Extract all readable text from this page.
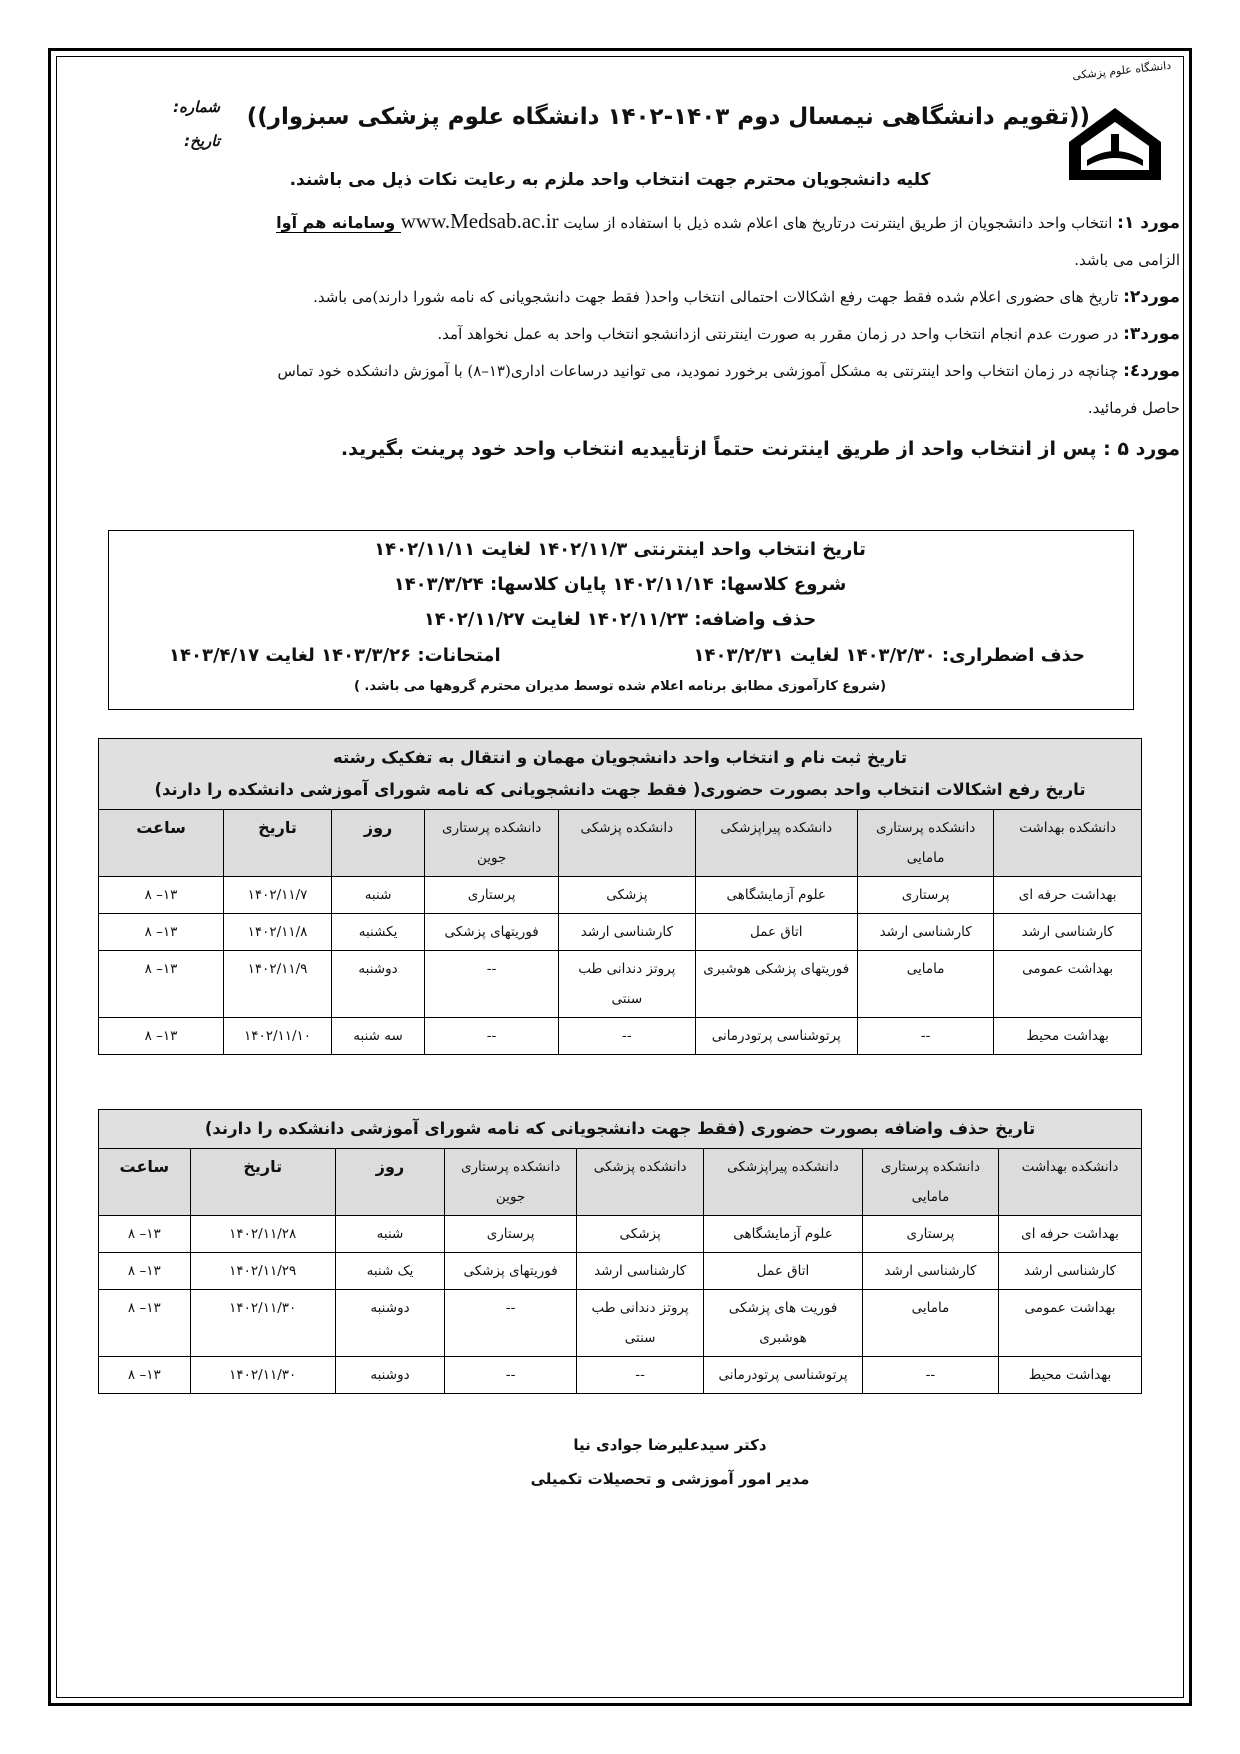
دانشگاه علوم پزشکی
شماره:
تاریخ:
((تقویم دانشگاهی نیمسال دوم ۱۴۰۳-۱۴۰۲ دانشگاه علوم پزشکی سبزوار))
کلیه دانشجویان محترم جهت انتخاب واحد ملزم به رعایت نکات ذیل می باشند.

مورد ۱: انتخاب واحد دانشجویان از طریق اینترنت درتاریخ های اعلام شده ذیل با استفاده از سایت www.Medsab.ac.ir وسامانه هم آوا

الزامی می باشد.

مورد۲: تاریخ های حضوری اعلام شده فقط جهت رفع اشکالات احتمالی انتخاب واحد( فقط جهت دانشجویانی که نامه شورا دارند)می باشد.

مورد۳: در صورت عدم انجام انتخاب واحد در زمان مقرر به صورت اینترنتی ازدانشجو انتخاب واحد به عمل نخواهد آمد.

مورد٤: چنانچه در زمان انتخاب واحد اینترنتی به مشکل آموزشی برخورد نمودید، می توانید درساعات اداری(۱۳–۸) با آموزش دانشکده خود تماس

حاصل فرمائید.

مورد ۵ : پس از انتخاب واحد از طریق اینترنت حتماً ازتأییدیه انتخاب واحد خود پرینت بگیرید.

تاریخ انتخاب واحد اینترنتی ۱۴۰۲/۱۱/۳ لغایت ۱۴۰۲/۱۱/۱۱
شروع کلاسها: ۱۴۰۲/۱۱/۱۴ پایان کلاسها: ۱۴۰۳/۳/۲۴
حذف واضافه: ۱۴۰۲/۱۱/۲۳ لغایت ۱۴۰۲/۱۱/۲۷
حذف اضطراری: ۱۴۰۳/۲/۳۰ لغایت ۱۴۰۳/۲/۳۱
امتحانات: ۱۴۰۳/۳/۲۶ لغایت ۱۴۰۳/۴/۱۷
(شروع کارآموزی مطابق برنامه اعلام شده توسط مدیران محترم گروهها می باشد. )
تاریخ ثبت نام و انتخاب واحد دانشجویان مهمان و انتقال به تفکیک رشته
تاریخ رفع اشکالات انتخاب واحد بصورت حضوری( فقط جهت دانشجویانی که نامه شورای آموزشی دانشکده را دارند)							

دانشکده بهداشت	دانشکده پرستاری مامایی	دانشکده پیراپزشکی	دانشکده پزشکی	دانشکده پرستاری جوین	روز	تاریخ	ساعت
بهداشت حرفه ای	پرستاری	علوم آزمایشگاهی	پزشکی	پرستاری	شنبه	۱۴۰۲/۱۱/۷	۱۳– ۸
کارشناسی ارشد	کارشناسی ارشد	اتاق عمل	کارشناسی ارشد	فوریتهای پزشکی	یکشنبه	۱۴۰۲/۱۱/۸	۱۳– ۸
بهداشت عمومی	مامایی	فوریتهای پزشکی هوشبری	پروتز دندانی طب سنتی	--	دوشنبه	۱۴۰۲/۱۱/۹	۱۳– ۸
بهداشت محیط	--	پرتوشناسی پرتودرمانی	--	--	سه شنبه	۱۴۰۲/۱۱/۱۰	۱۳– ۸
تاریخ حذف واضافه بصورت حضوری (فقط جهت دانشجویانی که نامه شورای آموزشی دانشکده را دارند)							
دانشکده بهداشت	دانشکده پرستاری مامایی	دانشکده پیراپزشکی	دانشکده پزشکی	دانشکده پرستاری جوین	روز	تاریخ	ساعت
بهداشت حرفه ای	پرستاری	علوم آزمایشگاهی	پزشکی	پرستاری	شنبه	۱۴۰۲/۱۱/۲۸	۱۳– ۸
کارشناسی ارشد	کارشناسی ارشد	اتاق عمل	کارشناسی ارشد	فوریتهای پزشکی	یک شنبه	۱۴۰۲/۱۱/۲۹	۱۳– ۸
بهداشت عمومی	مامایی	فوریت های پزشکی هوشبری	پروتز دندانی طب سنتی	--	دوشنبه	۱۴۰۲/۱۱/۳۰	۱۳– ۸
بهداشت محیط	--	پرتوشناسی پرتودرمانی	--	--	دوشنبه	۱۴۰۲/۱۱/۳۰	۱۳– ۸
دکتر سیدعلیرضا جوادی نیا
مدیر امور آموزشی و تحصیلات تکمیلی
